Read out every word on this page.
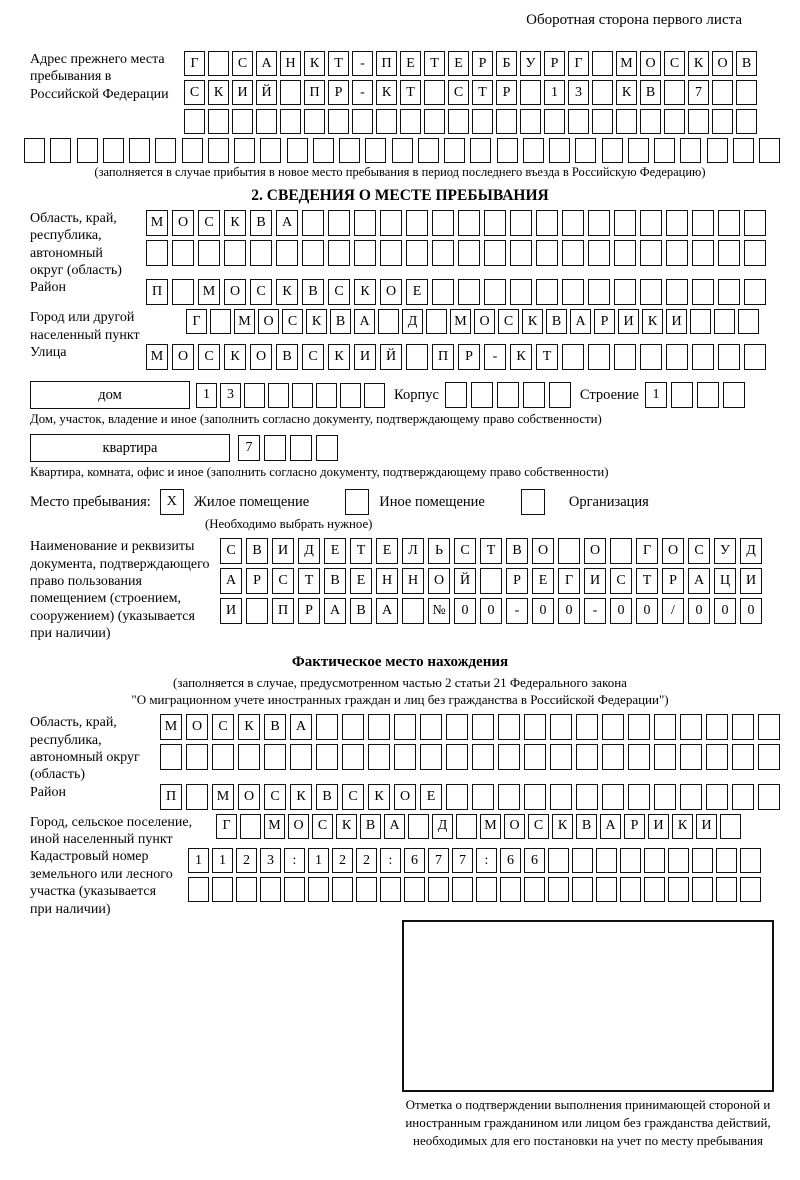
Оборотная сторона первого листа
Адрес прежнего места пребывания в Российской Федерации
Г	С	А Н	К	Т	-	П	Е	Т	Е	Р	Б	У	Р	Г	М О	С	К	О	В
С	К	И Й	П	Р	-	К	Т	С	Т	Р	1	3	К	В	7
(заполняется в случае прибытия в новое место пребывания в период последнего въезда в Российскую Федерацию)
2. СВЕДЕНИЯ О МЕСТЕ ПРЕБЫВАНИЯ
Область, край, республика, автономный округ (область)
М	О	С	К	В	А
Район	П	М	О	С	К	В	С	К	О	Е
Город или другой населенный пункт
Г	М О	С	К	В	А	Д	М О	С	К	В	А	Р	И	К	И
Улица	М	О	С	К	О	В	С	К	И	Й	П	Р	-	К	Т
дом	1	3	Корпус	Строение 1
Дом, участок, владение и иное (заполнить согласно документу, подтверждающему право собственности)
квартира	7
Квартира, комната, офис и иное (заполнить согласно документу, подтверждающему право собственности)
Место пребывания:	X	Жилое помещение	Иное помещение	Организация
(Необходимо выбрать нужное)
Наименование и реквизиты документа, подтверждающего право пользования помещением (строением, сооружением) (указывается при наличии)
С	В	И	Д	Е	Т	Е	Л	Ь	С	Т	В	О	О	Г	О	С	У	Д
А	Р	С	Т	В	Е	Н	Н	О	Й	Р	Е	Г	И	С	Т	Р	А	Ц	И
И	П	Р	А	В	А	№	0	0	-	0	0	-	0	0	/	0	0	0
Фактическое место нахождения
(заполняется в случае, предусмотренном частью 2 статьи 21 Федерального закона
"О миграционном учете иностранных граждан и лиц без гражданства в Российской Федерации")
Область, край, республика, автономный округ (область)
М	О	С	К	В	А
Район	П	М	О	С	К	В	С	К	О	Е
Город, сельское поселение, иной населенный пункт
Г	М О	С	К	В	А	Д	М О	С	К	В	А	Р	И	К	И
Кадастровый номер земельного или лесного участка (указывается при наличии)
1	1	2	3	:	1	2	2	:	6	7	7	:	6	6
Отметка о подтверждении выполнения принимающей стороной и иностранным гражданином или лицом без гражданства действий, необходимых для его постановки на учет по месту пребывания
